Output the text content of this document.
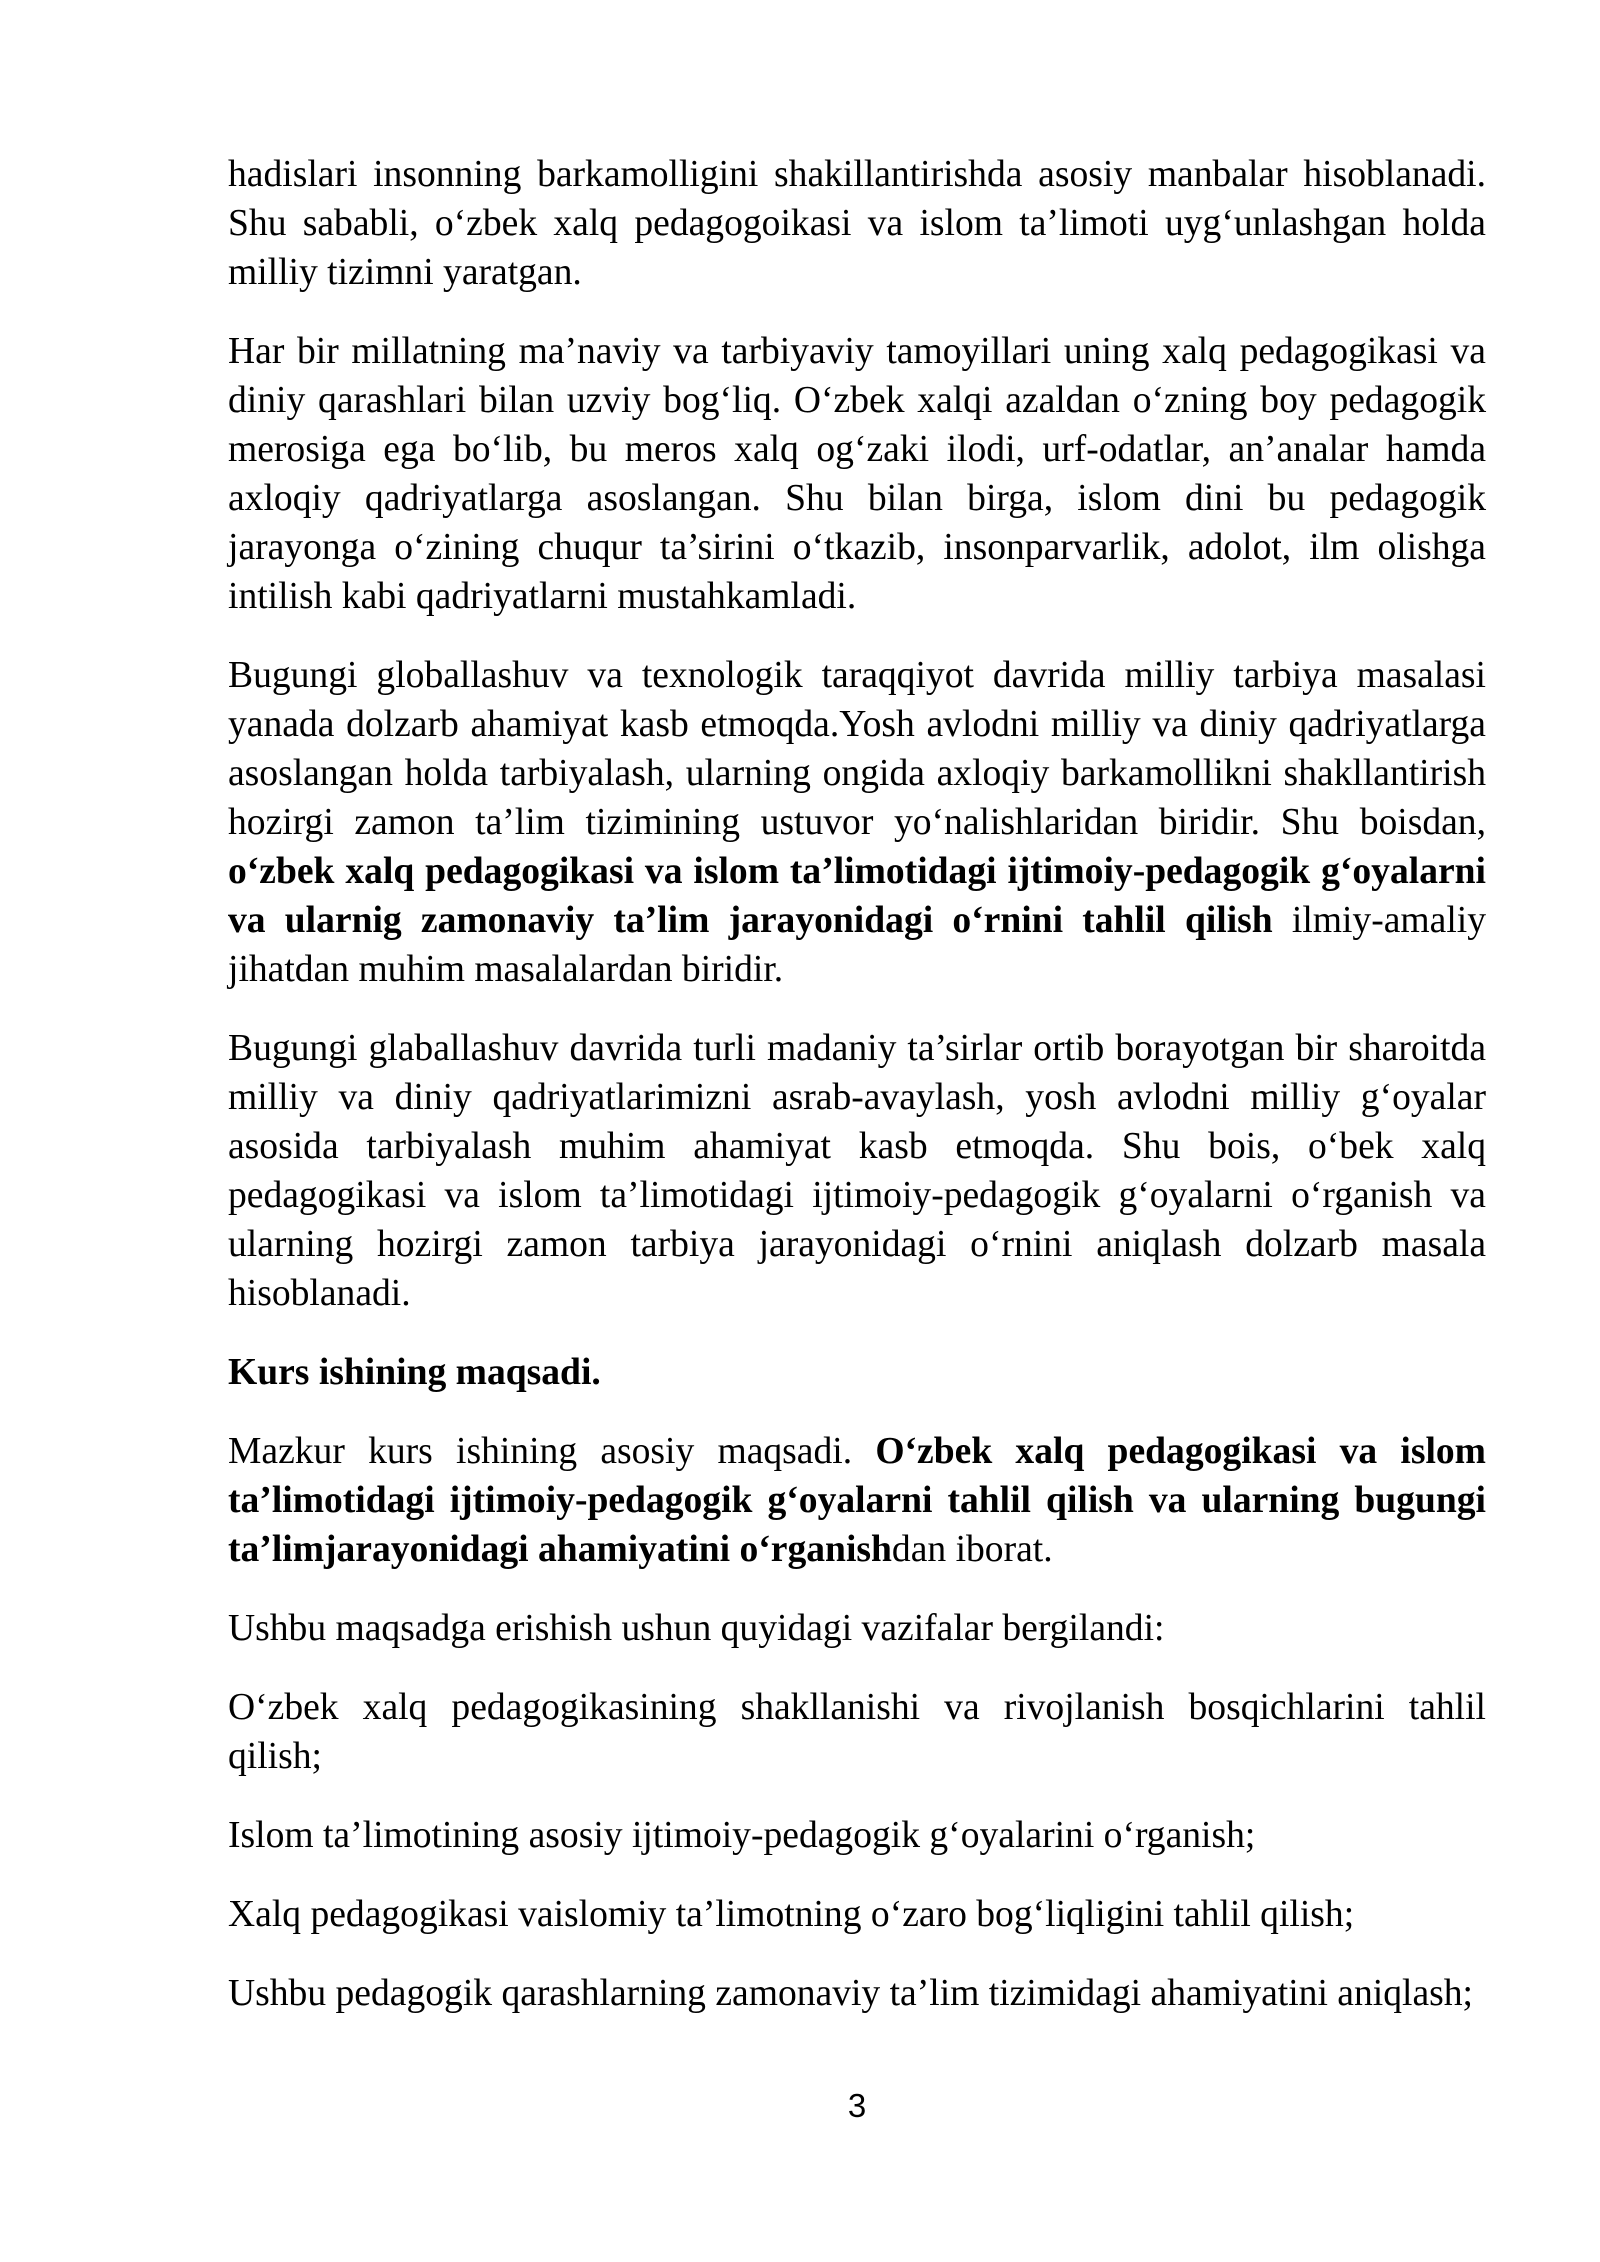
hadislari insonning barkamolligini shakillantirishda asosiy manbalar hisoblanadi. Shu sababli, o‘zbek xalq pedagogoikasi va islom ta’limoti uyg‘unlashgan holda milliy tizimni yaratgan.

Har bir millatning ma’naviy va tarbiyaviy tamoyillari uning xalq pedagogikasi va diniy qarashlari bilan uzviy bog‘liq. O‘zbek xalqi azaldan o‘zning boy pedagogik merosiga ega bo‘lib, bu meros xalq og‘zaki ilodi, urf-odatlar, an’analar hamda axloqiy qadriyatlarga asoslangan. Shu bilan birga, islom dini bu pedagogik jarayonga o‘zining chuqur ta’sirini o‘tkazib, insonparvarlik, adolot, ilm olishga intilish kabi qadriyatlarni mustahkamladi.

Bugungi globallashuv va texnologik taraqqiyot davrida milliy tarbiya masalasi yanada dolzarb ahamiyat kasb etmoqda.Yosh avlodni milliy va diniy qadriyatlarga asoslangan holda tarbiyalash, ularning ongida axloqiy barkamollikni shakllantirish hozirgi zamon ta’lim tizimining ustuvor yo‘nalishlaridan biridir. Shu boisdan, o‘zbek xalq pedagogikasi va islom ta’limotidagi ijtimoiy-pedagogik g‘oyalarni va ularnig zamonaviy ta’lim jarayonidagi o‘rnini tahlil qilish ilmiy-amaliy jihatdan muhim masalalardan biridir.

Bugungi glaballashuv davrida turli madaniy ta’sirlar ortib borayotgan bir sharoitda milliy va diniy qadriyatlarimizni asrab-avaylash, yosh avlodni milliy g‘oyalar asosida tarbiyalash muhim ahamiyat kasb etmoqda. Shu bois, o‘bek xalq pedagogikasi va islom ta’limotidagi ijtimoiy-pedagogik g‘oyalarni o‘rganish va ularning hozirgi zamon tarbiya jarayonidagi o‘rnini aniqlash dolzarb masala hisoblanadi.

Kurs ishining maqsadi.

Mazkur kurs ishining asosiy maqsadi. O‘zbek xalq pedagogikasi va islom ta’limotidagi ijtimoiy-pedagogik g‘oyalarni tahlil qilish va ularning bugungi ta’limjarayonidagi ahamiyatini o‘rganishdan iborat.

Ushbu maqsadga erishish ushun quyidagi vazifalar bergilandi:

O‘zbek xalq pedagogikasining shakllanishi va rivojlanish bosqichlarini tahlil qilish;

Islom ta’limotining asosiy ijtimoiy-pedagogik g‘oyalarini o‘rganish;

Xalq pedagogikasi vaislomiy ta’limotning o‘zaro bog‘liqligini tahlil qilish;

Ushbu pedagogik qarashlarning zamonaviy ta’lim tizimidagi ahamiyatini aniqlash;

3
